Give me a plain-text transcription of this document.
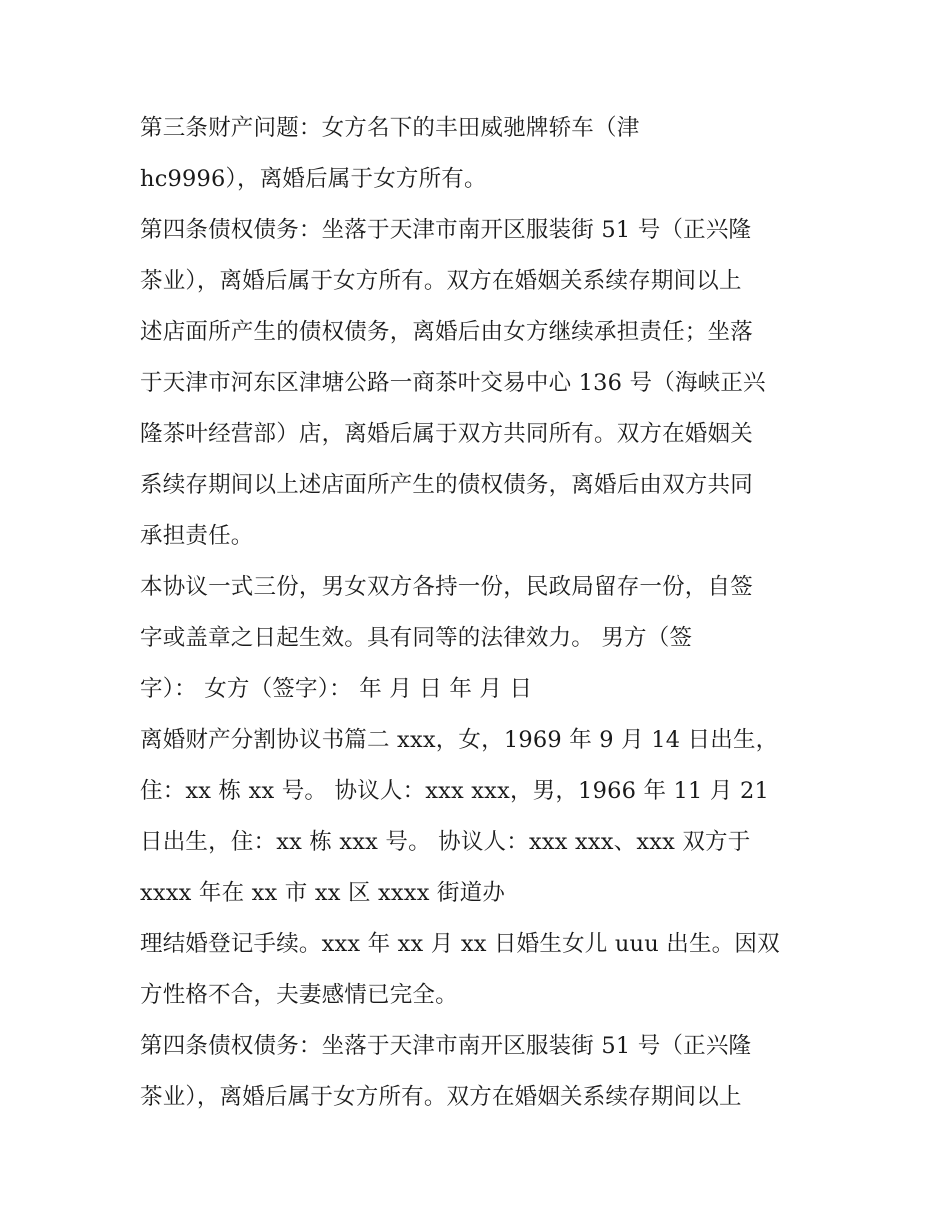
第三条财产问题：女方名下的丰田威驰牌轿车（津
hc9996），离婚后属于女方所有。
第四条债权债务：坐落于天津市南开区服装街 51 号（正兴隆
茶业），离婚后属于女方所有。双方在婚姻关系续存期间以上
述店面所产生的债权债务，离婚后由女方继续承担责任；坐落
于天津市河东区津塘公路一商茶叶交易中心 136 号（海峡正兴
隆茶叶经营部）店，离婚后属于双方共同所有。双方在婚姻关
系续存期间以上述店面所产生的债权债务，离婚后由双方共同
承担责任。
本协议一式三份，男女双方各持一份，民政局留存一份，自签
字或盖章之日起生效。具有同等的法律效力。 男方（签
字）： 女方（签字）： 年 月 日 年 月 日
离婚财产分割协议书篇二 xxx，女，1969 年 9 月 14 日出生，
住：xx 栋 xx 号。 协议人：xxx xxx，男，1966 年 11 月 21
日出生，住：xx 栋 xxx 号。 协议人：xxx xxx、xxx 双方于
xxxx 年在 xx 市 xx 区 xxxx 街道办
理结婚登记手续。xxx 年 xx 月 xx 日婚生女儿 uuu 出生。因双
方性格不合，夫妻感情已完全。
第四条债权债务：坐落于天津市南开区服装街 51 号（正兴隆
茶业），离婚后属于女方所有。双方在婚姻关系续存期间以上
